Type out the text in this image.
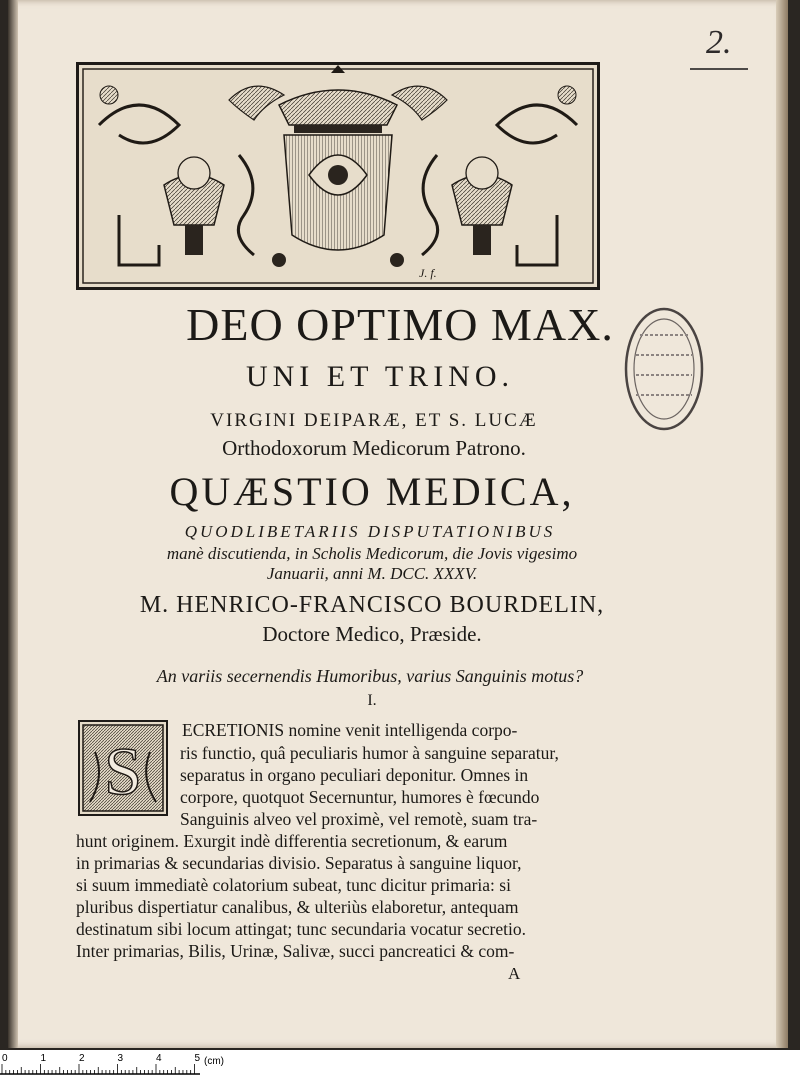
2.
J. f.
DEO OPTIMO MAX.
UNI ET TRINO.
VIRGINI DEIPARÆ, ET S. LUCÆ
Orthodoxorum Medicorum Patrono.
QUÆSTIO MEDICA,
QUODLIBETARIIS DISPUTATIONIBUS
manè discutienda, in Scholis Medicorum, die Jovis vigesimo
Januarii, anni M. DCC. XXXV.
M. HENRICO-FRANCISCO BOURDELIN,
Doctore Medico, Præside.
An variis secernendis Humoribus, varius Sanguinis motus?
I.
S
ECRETIONIS nomine venit intelligenda corpo-
ris functio, quâ peculiaris humor à sanguine separatur,
separatus in organo peculiari deponitur. Omnes in
corpore, quotquot Secernuntur, humores è fœcundo
Sanguinis alveo vel proximè, vel remotè, suam tra-
hunt originem. Exurgit indè differentia secretionum, & earum
in primarias & secundarias divisio. Separatus à sanguine liquor,
si suum immediatè colatorium subeat, tunc dicitur primaria: si
pluribus dispertiatur canalibus, & ulteriùs elaboretur, antequam
destinatum sibi locum attingat; tunc secundaria vocatur secretio.
Inter primarias, Bilis, Urinæ, Salivæ, succi pancreatici & com-
A
0	1	2	3	4	5 (cm)
